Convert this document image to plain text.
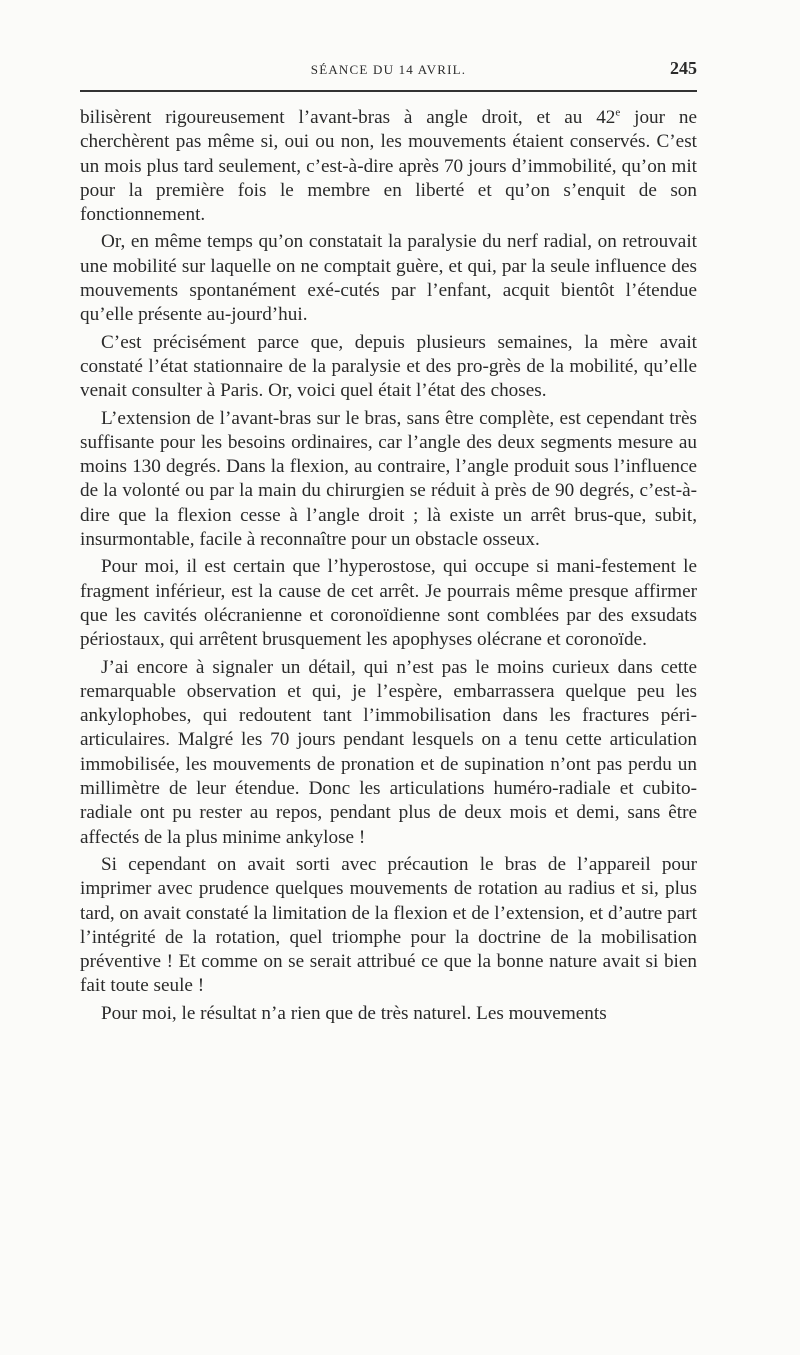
SÉANCE DU 14 AVRIL.	245

bilisèrent rigoureusement l’avant-bras à angle droit, et au 42e jour ne cherchèrent pas même si, oui ou non, les mouvements étaient conservés. C’est un mois plus tard seulement, c’est-à-dire après 70 jours d’immobilité, qu’on mit pour la première fois le membre en liberté et qu’on s’enquit de son fonctionnement.

Or, en même temps qu’on constatait la paralysie du nerf radial, on retrouvait une mobilité sur laquelle on ne comptait guère, et qui, par la seule influence des mouvements spontanément exé-cutés par l’enfant, acquit bientôt l’étendue qu’elle présente au-jourd’hui.

C’est précisément parce que, depuis plusieurs semaines, la mère avait constaté l’état stationnaire de la paralysie et des pro-grès de la mobilité, qu’elle venait consulter à Paris. Or, voici quel était l’état des choses.

L’extension de l’avant-bras sur le bras, sans être complète, est cependant très suffisante pour les besoins ordinaires, car l’angle des deux segments mesure au moins 130 degrés. Dans la flexion, au contraire, l’angle produit sous l’influence de la volonté ou par la main du chirurgien se réduit à près de 90 degrés, c’est-à-dire que la flexion cesse à l’angle droit ; là existe un arrêt brus-que, subit, insurmontable, facile à reconnaître pour un obstacle osseux.

Pour moi, il est certain que l’hyperostose, qui occupe si mani-festement le fragment inférieur, est la cause de cet arrêt. Je pourrais même presque affirmer que les cavités olécranienne et coronoïdienne sont comblées par des exsudats périostaux, qui arrêtent brusquement les apophyses olécrane et coronoïde.

J’ai encore à signaler un détail, qui n’est pas le moins curieux dans cette remarquable observation et qui, je l’espère, embarrassera quelque peu les ankylophobes, qui redoutent tant l’immobilisation dans les fractures péri-articulaires. Malgré les 70 jours pendant lesquels on a tenu cette articulation immobilisée, les mouvements de pronation et de supination n’ont pas perdu un millimètre de leur étendue. Donc les articulations huméro-radiale et cubito-radiale ont pu rester au repos, pendant plus de deux mois et demi, sans être affectés de la plus minime ankylose !

Si cependant on avait sorti avec précaution le bras de l’appareil pour imprimer avec prudence quelques mouvements de rotation au radius et si, plus tard, on avait constaté la limitation de la flexion et de l’extension, et d’autre part l’intégrité de la rotation, quel triomphe pour la doctrine de la mobilisation préventive ! Et comme on se serait attribué ce que la bonne nature avait si bien fait toute seule !

Pour moi, le résultat n’a rien que de très naturel. Les mouvements
